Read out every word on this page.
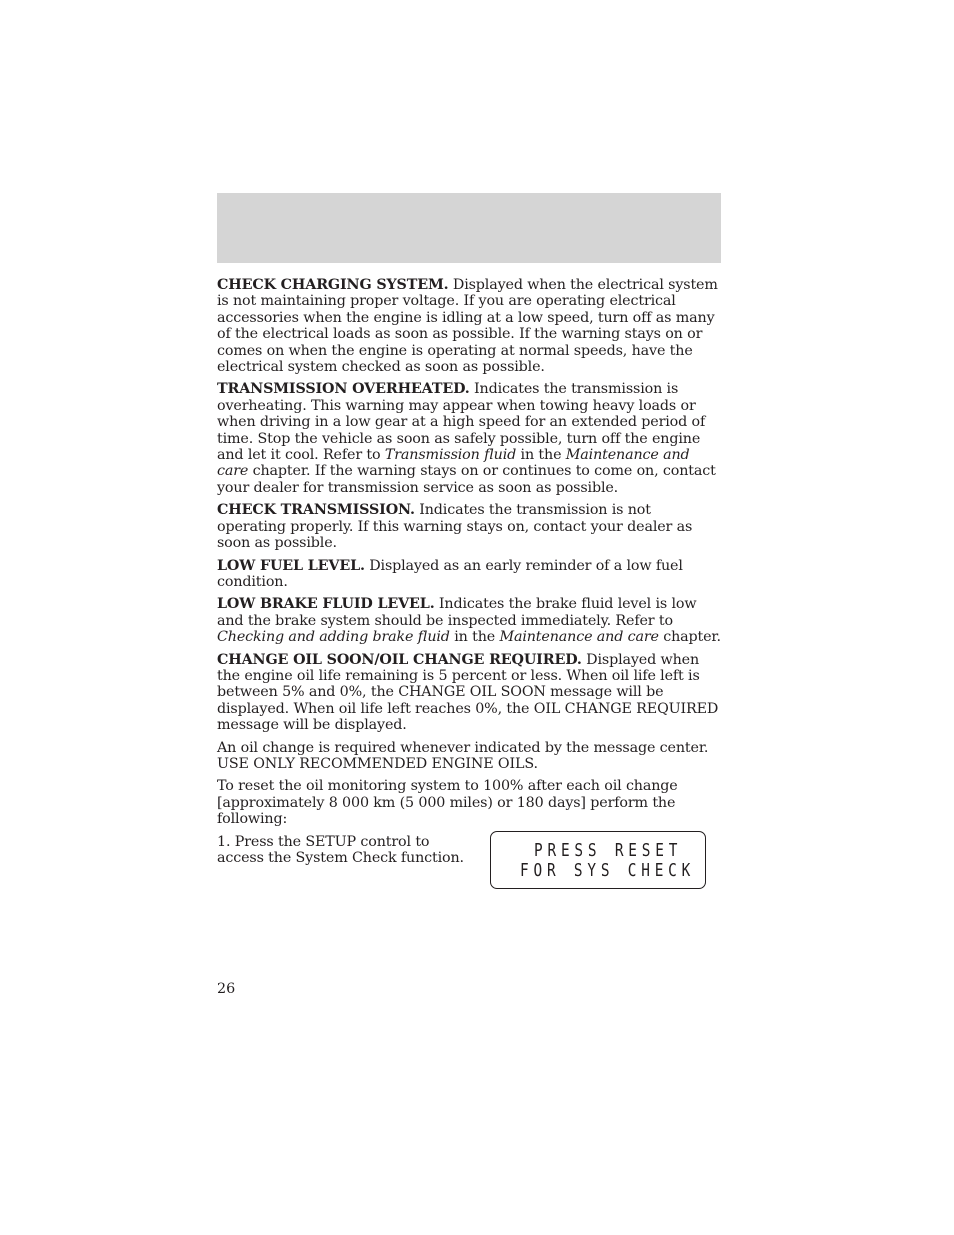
CHECK CHARGING SYSTEM. Displayed when the electrical system is not maintaining proper voltage. If you are operating electrical accessories when the engine is idling at a low speed, turn off as many of the electrical loads as soon as possible. If the warning stays on or comes on when the engine is operating at normal speeds, have the electrical system checked as soon as possible.

TRANSMISSION OVERHEATED. Indicates the transmission is overheating. This warning may appear when towing heavy loads or when driving in a low gear at a high speed for an extended period of time. Stop the vehicle as soon as safely possible, turn off the engine and let it cool. Refer to Transmission fluid in the Maintenance and care chapter. If the warning stays on or continues to come on, contact your dealer for transmission service as soon as possible.

CHECK TRANSMISSION. Indicates the transmission is not operating properly. If this warning stays on, contact your dealer as soon as possible.

LOW FUEL LEVEL. Displayed as an early reminder of a low fuel condition.

LOW BRAKE FLUID LEVEL. Indicates the brake fluid level is low and the brake system should be inspected immediately. Refer to Checking and adding brake fluid in the Maintenance and care chapter.

CHANGE OIL SOON/OIL CHANGE REQUIRED. Displayed when the engine oil life remaining is 5 percent or less. When oil life left is between 5% and 0%, the CHANGE OIL SOON message will be displayed. When oil life left reaches 0%, the OIL CHANGE REQUIRED message will be displayed.

An oil change is required whenever indicated by the message center. USE ONLY RECOMMENDED ENGINE OILS.

To reset the oil monitoring system to 100% after each oil change [approximately 8 000 km (5 000 miles) or 180 days] perform the following:

1. Press the SETUP control to access the System Check function.	PRESS RESET
FOR SYS CHECK
26
